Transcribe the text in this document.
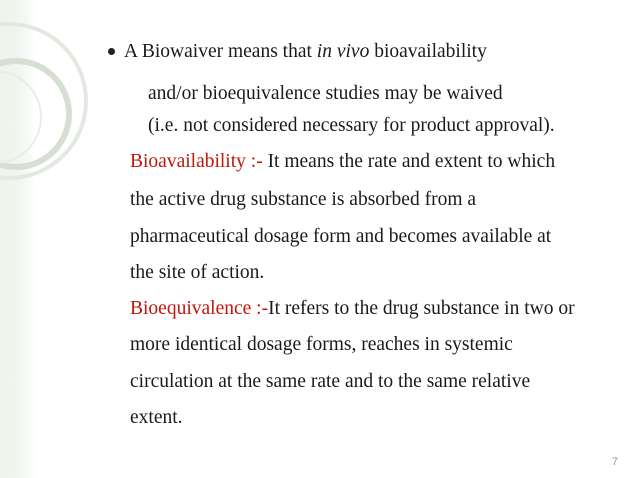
A Biowaiver means that in vivo bioavailability
and/or bioequivalence studies may be waived
(i.e. not considered necessary for product approval).
Bioavailability :- It means the rate and extent to which
the active drug substance is absorbed from a
pharmaceutical dosage form and becomes available at
the site of action.
Bioequivalence :-It refers to the drug substance in two or
more identical dosage forms, reaches in systemic
circulation at the same rate and to the same relative
extent.
7
